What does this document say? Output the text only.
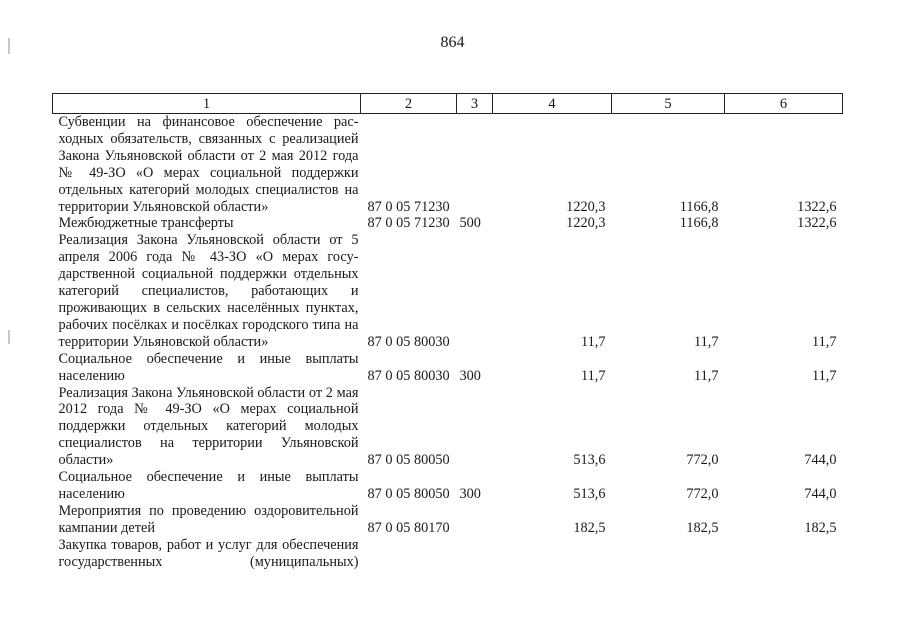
864
1	2	3	4	5	6
Субвенции на финансовое обеспечение расходных обязательств, связанных с реализацией Закона Ульяновской области от 2 мая 2012 года № 49-ЗО «О мерах социальной поддержки отдельных категорий молодых специалистов на территории Ульяновской области»	87 0 05 71230		1220,3	1166,8	1322,6
Межбюджетные трансферты	87 0 05 71230	500	1220,3	1166,8	1322,6
Реализация Закона Ульяновской области от 5 апреля 2006 года № 43-ЗО «О мерах государственной социальной поддержки отдельных категорий специалистов, работающих и проживающих в сельских населённых пунктах, рабочих посёлках и посёлках городского типа на территории Ульяновской области»	87 0 05 80030		11,7	11,7	11,7
Социальное обеспечение и иные выплаты населению	87 0 05 80030	300	11,7	11,7	11,7
Реализация Закона Ульяновской области от 2 мая 2012 года № 49-ЗО «О мерах социальной поддержки отдельных категорий молодых специалистов на территории Ульяновской области»	87 0 05 80050		513,6	772,0	744,0
Социальное обеспечение и иные выплаты населению	87 0 05 80050	300	513,6	772,0	744,0
Мероприятия по проведению оздоровительной кампании детей	87 0 05 80170		182,5	182,5	182,5
Закупка товаров, работ и услуг для обеспечения государственных (муниципальных)					
